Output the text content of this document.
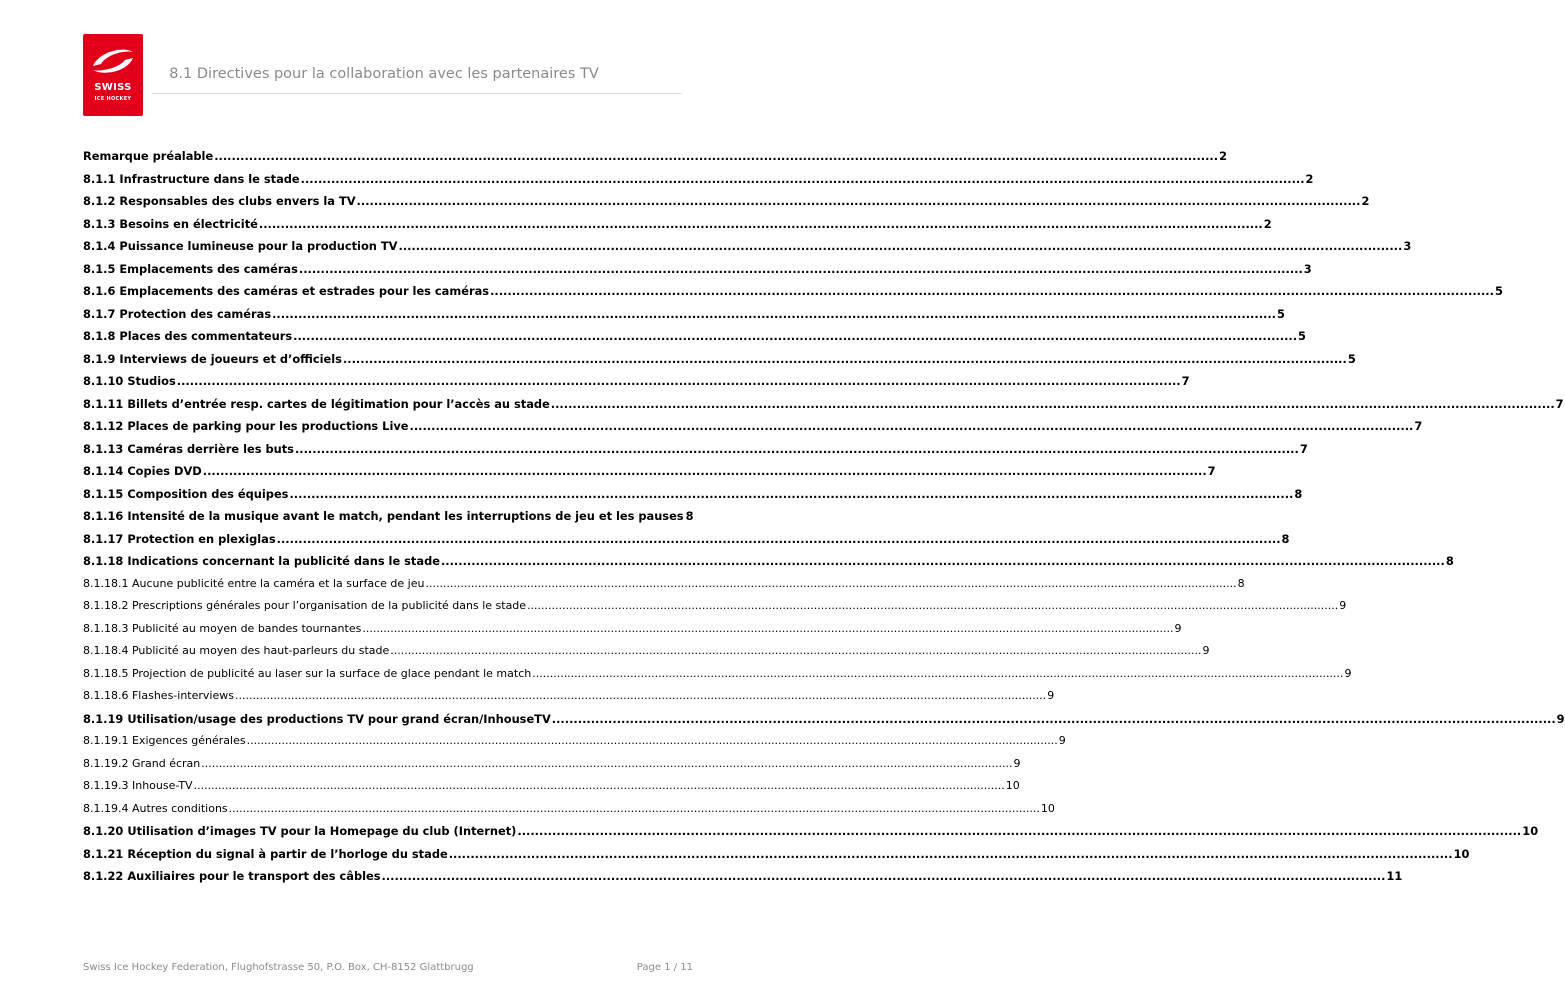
SWISS
ICE HOCKEY
8.1 Directives pour la collaboration avec les partenaires TV
Remarque préalable .....	2
8.1.1 Infrastructure dans le stade .....	2
8.1.2 Responsables des clubs envers la TV .....	2
8.1.3 Besoins en électricité .....	2
8.1.4 Puissance lumineuse pour la production TV .....	3
8.1.5 Emplacements des caméras .....	3
8.1.6 Emplacements des caméras et estrades pour les caméras .....	5
8.1.7 Protection des caméras .....	5
8.1.8 Places des commentateurs .....	5
8.1.9 Interviews de joueurs et d’officiels .....	5
8.1.10 Studios .....	7
8.1.11 Billets d’entrée resp. cartes de légitimation pour l’accès au stade .....	7
8.1.12 Places de parking pour les productions Live .....	7
8.1.13 Caméras derrière les buts .....	7
8.1.14 Copies DVD .....	7
8.1.15 Composition des équipes .....	8
8.1.16 Intensité de la musique avant le match, pendant les interruptions de jeu et les pauses 8
8.1.17 Protection en plexiglas .....	8
8.1.18 Indications concernant la publicité dans le stade .....	8
8.1.18.1 Aucune publicité entre la caméra et la surface de jeu .....	8
8.1.18.2 Prescriptions générales pour l’organisation de la publicité dans le stade .....	9
8.1.18.3 Publicité au moyen de bandes tournantes .....	9
8.1.18.4 Publicité au moyen des haut-parleurs du stade .....	9
8.1.18.5 Projection de publicité au laser sur la surface de glace pendant le match .....	9
8.1.18.6 Flashes-interviews .....	9
8.1.19 Utilisation/usage des productions TV pour grand écran/InhouseTV .....	9
8.1.19.1 Exigences générales .....	9
8.1.19.2 Grand écran .....	9
8.1.19.3 Inhouse-TV .....	10
8.1.19.4 Autres conditions .....	10
8.1.20 Utilisation d’images TV pour la Homepage du club (Internet) .....	10
8.1.21 Réception du signal à partir de l’horloge du stade .....	10
8.1.22 Auxiliaires pour le transport des câbles .....	11
Swiss Ice Hockey Federation, Flughofstrasse 50, P.O. Box, CH-8152 Glattbrugg	Page 1 / 11
